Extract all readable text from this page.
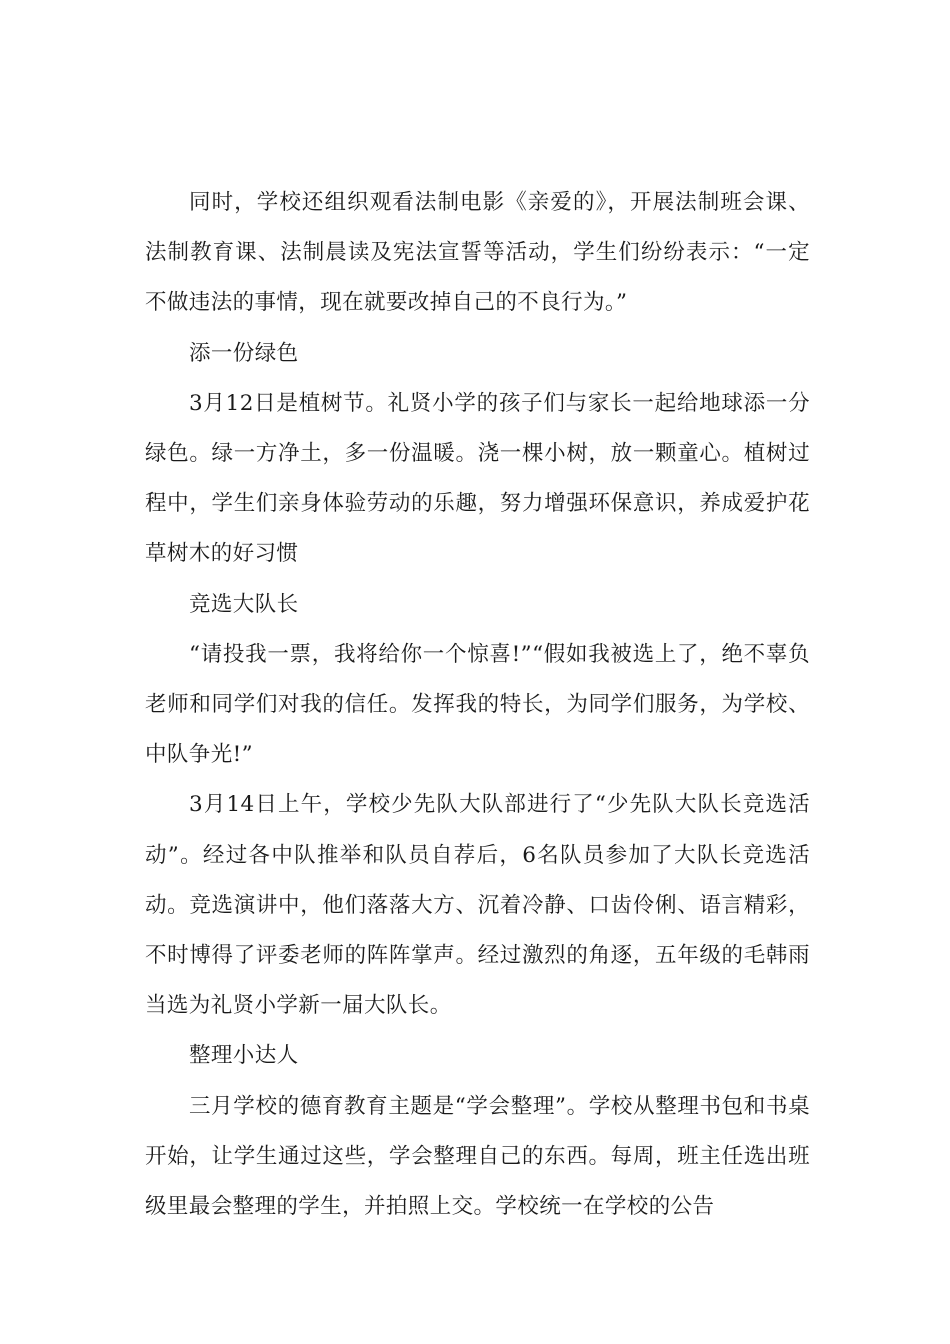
同时，学校还组织观看法制电影《亲爱的》，开展法制班会课、法制教育课、法制晨读及宪法宣誓等活动，学生们纷纷表示：“一定不做违法的事情，现在就要改掉自己的不良行为。”

添一份绿色

3月12日是植树节。礼贤小学的孩子们与家长一起给地球添一分绿色。绿一方净土，多一份温暖。浇一棵小树，放一颗童心。植树过程中，学生们亲身体验劳动的乐趣，努力增强环保意识，养成爱护花草树木的好习惯

竞选大队长

“请投我一票，我将给你一个惊喜!”“假如我被选上了，绝不辜负老师和同学们对我的信任。发挥我的特长，为同学们服务，为学校、中队争光!”

3月14日上午，学校少先队大队部进行了“少先队大队长竞选活动”。经过各中队推举和队员自荐后，6名队员参加了大队长竞选活动。竞选演讲中，他们落落大方、沉着冷静、口齿伶俐、语言精彩，不时博得了评委老师的阵阵掌声。经过激烈的角逐，五年级的毛韩雨当选为礼贤小学新一届大队长。

整理小达人

三月学校的德育教育主题是“学会整理”。学校从整理书包和书桌开始，让学生通过这些，学会整理自己的东西。每周，班主任选出班级里最会整理的学生，并拍照上交。学校统一在学校的公告
